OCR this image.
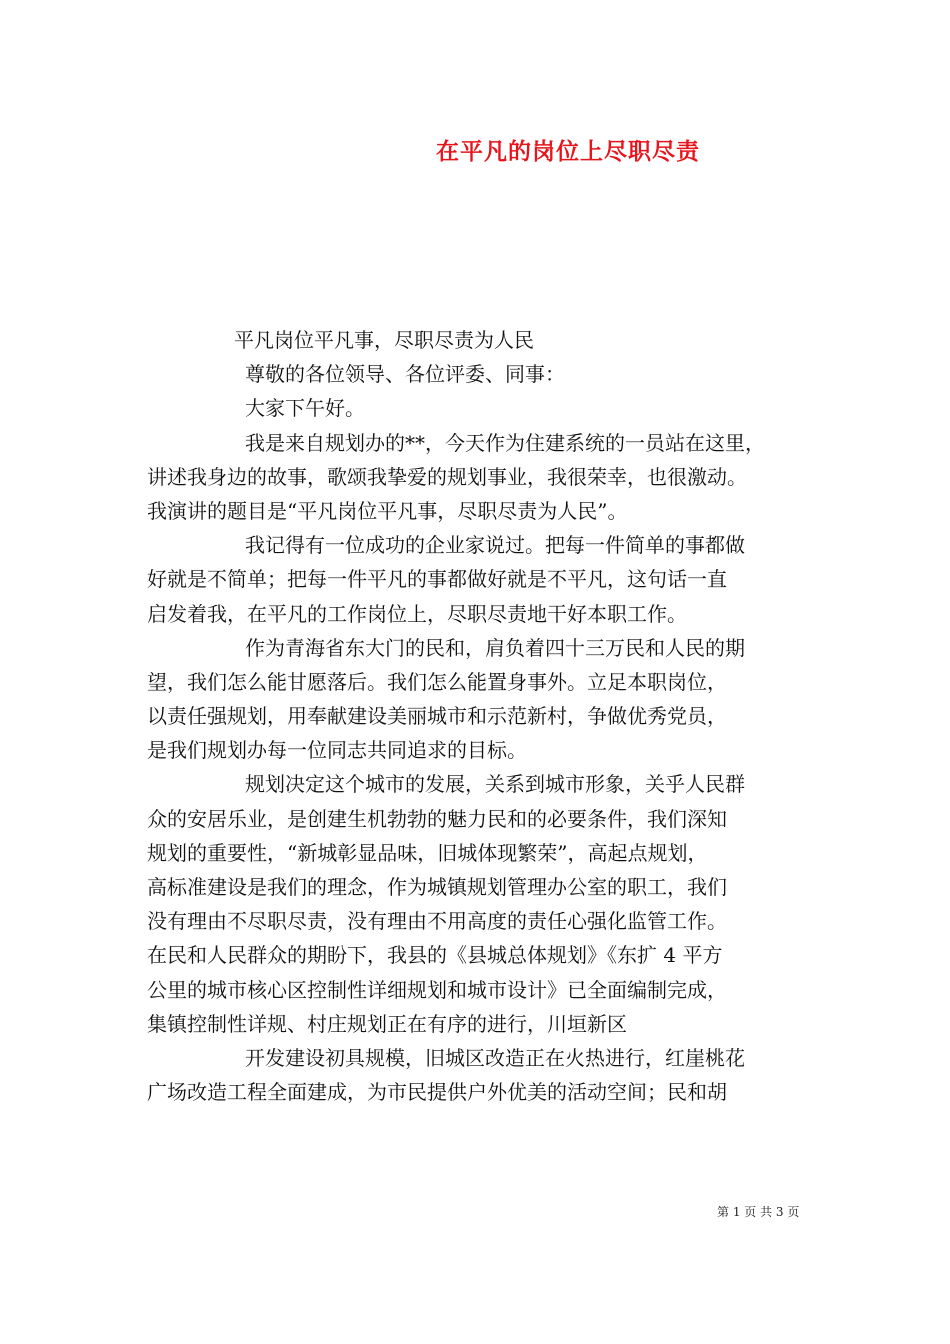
在平凡的岗位上尽职尽责
平凡岗位平凡事，尽职尽责为人民
尊敬的各位领导、各位评委、同事：
大家下午好。
我是来自规划办的**，今天作为住建系统的一员站在这里，
讲述我身边的故事，歌颂我挚爱的规划事业，我很荣幸，也很激动。
我演讲的题目是“平凡岗位平凡事，尽职尽责为人民”。
我记得有一位成功的企业家说过。把每一件简单的事都做
好就是不简单；把每一件平凡的事都做好就是不平凡，这句话一直
启发着我，在平凡的工作岗位上，尽职尽责地干好本职工作。
作为青海省东大门的民和，肩负着四十三万民和人民的期
望，我们怎么能甘愿落后。我们怎么能置身事外。立足本职岗位，
以责任强规划，用奉献建设美丽城市和示范新村，争做优秀党员，
是我们规划办每一位同志共同追求的目标。
规划决定这个城市的发展，关系到城市形象，关乎人民群
众的安居乐业，是创建生机勃勃的魅力民和的必要条件，我们深知
规划的重要性，“新城彰显品味，旧城体现繁荣”，高起点规划，
高标准建设是我们的理念，作为城镇规划管理办公室的职工，我们
没有理由不尽职尽责，没有理由不用高度的责任心强化监管工作。
在民和人民群众的期盼下，我县的《县城总体规划》《东扩 4 平方
公里的城市核心区控制性详细规划和城市设计》已全面编制完成，
集镇控制性详规、村庄规划正在有序的进行，川垣新区
开发建设初具规模，旧城区改造正在火热进行，红崖桃花
广场改造工程全面建成，为市民提供户外优美的活动空间；民和胡
第 1 页 共 3 页
